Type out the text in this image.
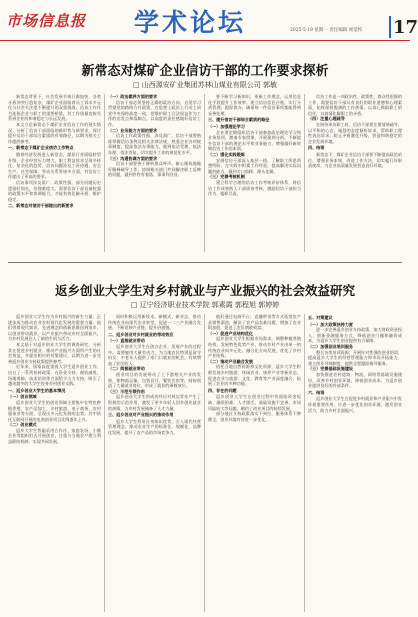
市场信息报 学术论坛	2025·5·19 星期一 责任编辑 视觉校 17
新常态对煤矿企业信访干部的工作要求探析
□ 山西源安矿业集团苏林山煤业有限公司 郭敏

新常态背景下，社会发展节奏日渐加快，各类矛盾冲突日趋复杂，煤矿企业面临着员工诉求多元化与社会关注度不断提升的双重挑战。信访工作作为连接企业与职工的重要桥梁，其工作质量直接关系到企业的和谐稳定与长远发展。

本文立足新常态下煤矿企业信访工作的现实情况，分析了信访干部面临的新形势与新要求，探讨提升信访干部综合素质的有效路径，以期为相关工作提供参考。

一、新常态下煤矿企业信访工作特点

随着经济发展进入新常态，煤炭行业面临转型升级，企业经营压力增大，职工利益诉求呈现多样化、复杂化的趋势，信访问题涉及工资待遇、安全生产、社会保障、劳动关系等诸多方面，对信访工作提出了更高的要求。

信访事项涉及面广、政策性强，部分问题历史遗留时间长，处理难度大，需要信访干部具备较强的政策水平和协调能力，才能有效化解矛盾、维护稳定。

二、新常态对信访干部提出的新要求

（一）政治素养方面的要求

信访干部必须坚持正确的政治方向，自觉学习贯彻党的路线方针政策，在思想上政治上行动上同党中央保持高度一致，把维护职工合法权益作为工作的出发点和落脚点，以高度的责任感做好信访工作。

（二）业务能力方面的要求

信访工作政策性强、涉及面广，信访干部要熟练掌握信访条例及相关法律法规，熟悉企业各项规章制度，提高依法办事能力，做到依法受理、依法办理、依法答复，切实提升工作的规范化水平。

（三）沟通协调方面的要求

信访干部要善于倾听群众呼声，耐心细致地做好解释疏导工作，协调相关部门共同解决职工反映的问题，做到件件有着落、事事有回音。

要不断学习新知识，更新工作理念，运用信息化手段提升工作效率，建立信访信息台账，实行分类管理，跟踪督办，确保每一件信访事项都能得到妥善处理。

三、提升信访干部综合素质的路径

（一）加强理论学习

企业要定期组织信访干部参加政治理论学习和业务培训，邀请专家授课，开展案例分析，不断提升信访干部的理论水平和业务能力，增强做好新时期信访工作的本领。

（二）强化实践锻炼

安排信访干部深入基层一线，了解职工所思所想所盼，在实践中积累工作经验，提高解决实际问题的能力，做到关口前移、源头化解。

（三）完善考核机制

建立科学合理的信访工作考核评价体系，将信访工作成效纳入干部绩效考核，激励信访干部担当作为、履职尽责。

信访工作是一项政治性、政策性、群众性很强的工作，需要信访干部具有良好的职业道德和心理素质，始终保持饱满的工作热情，以真心换取职工的信任，以真情化解职工的矛盾。

（四）注重心理疏导

在接待来访职工时，信访干部要注重情绪疏导，以平和的心态、诚恳的态度倾听诉求，帮助职工理性表达诉求，防止矛盾激化升级，营造和谐稳定的企业发展环境。

四、结语

新常态下，煤矿企业信访干部要不断提高政治站位，增强业务本领，改进工作方法，切实履行好职责使命，为企业高质量发展营造良好环境。

返乡创业大学生对乡村就业与产业振兴的社会效益研究
□ 辽宁经济职业技术学院 郭素霞 郭程旭 郭婷婷

返乡创业大学生作为乡村振兴的新生力量，正逐步成为推动农业农村现代化发展的重要力量。他们带着现代知识、先进理念和创新思维回到家乡，以创业带动就业，以产业振兴带动乡村全面振兴，为乡村发展注入了新的生机与活力。

本文基于对返乡创业大学生的调查研究，分析其在促进乡村就业、推动产业振兴方面所产生的社会效益，并提出相应的对策建议，以期为进一步完善返乡创业支持政策提供参考。

近年来，国家高度重视大学生返乡创业工作，出台了一系列扶持政策，在资金支持、税收减免、场地保障、技术培训等方面给予大力支持，吸引了越来越多的大学生投身乡村创业实践。

一、返乡创业大学生的基本情况

（一）创业领域

返乡创业大学生的创业领域主要集中在特色种植养殖、农产品加工、乡村旅游、电子商务、农村服务业等方面，呈现出多元化发展的态势，其中依托互联网开展的电商创业项目比例逐年上升。

（二）创业模式

返乡大学生普遍采用合作社、家庭农场、小微企业等组织形式开展创业，注重与当地农户建立利益联结机制，实现共同发展。

同时积极运用新技术、新模式、新业态，推动传统农业向现代农业转型，促进一二三产业融合发展，不断延伸产业链、提升价值链。

二、返乡创业对乡村就业的带动效应

（一）直接就业带动

返乡创业大学生在创办企业、发展产业的过程中，需要雇用大量劳动力，为当地农民特别是留守妇女、中老年人提供了家门口就业的机会，有效增加了农民收入。

（二）间接就业带动

创业项目的发展带动了上下游相关产业的发展，如物流运输、包装设计、餐饮住宿等，间接创造了大量就业岗位，形成了就业的乘数效应。

（三）示范引领作用

返乡创业大学生的成功经历对周边青年产生了积极的示范作用，激发了更多年轻人回乡创业就业的热情，为乡村发展储备了人才力量。

三、返乡创业对产业振兴的推动作用

返乡大学生利用自身知识优势，引入现代经营管理理念，推动农业生产的标准化、规模化、品牌化发展，提升了农产品的市场竞争力。

他们通过电商平台、直播带货等方式拓宽农产品销售渠道，解决了农产品卖难问题，增加了农业附加值，促进了农民增收致富。

（一）促进产业结构优化

返乡创业大学生根据市场需求，调整种植养殖结构，发展特色优势产业，推动乡村产业由单一的传统农业向多元化、融合化方向发展，优化了乡村产业结构。

（二）推动产业融合发展

依托当地自然资源和文化资源，返乡大学生积极发展乡村旅游、休闲农业、康养产业等新业态，促进农业与旅游、文化、教育等产业深度融合，拓展了农业的多种功能。

四、存在的问题

返乡创业大学生在创业过程中仍面临资金短缺、融资困难、人才匮乏、基础设施不完善、市场风险较大等问题，制约了创业项目的持续发展。

部分地区支持政策落实不到位，服务体系不够健全，创业环境有待进一步优化。

五、对策建议

（一）加大政策扶持力度

进一步完善返乡创业支持政策，加大财政资金投入，创新金融服务方式，降低创业门槛和融资成本，为返乡大学生创业提供有力保障。

（二）加强创业培训服务

整合各类培训资源，开展针对性强的创业培训，提高返乡大学生的经营管理能力和市场开拓能力，建立创业导师制度，提供全程跟踪指导服务。

（三）完善基础设施建设

加快推进农村道路、物流、网络等基础设施建设，改善乡村创业环境，降低创业成本，为返乡创业提供良好的外部条件。

六、结语

返乡创业大学生在促进乡村就业和产业振兴中发挥着重要作用，应进一步优化创业环境，激发创业活力，助力乡村全面振兴。
